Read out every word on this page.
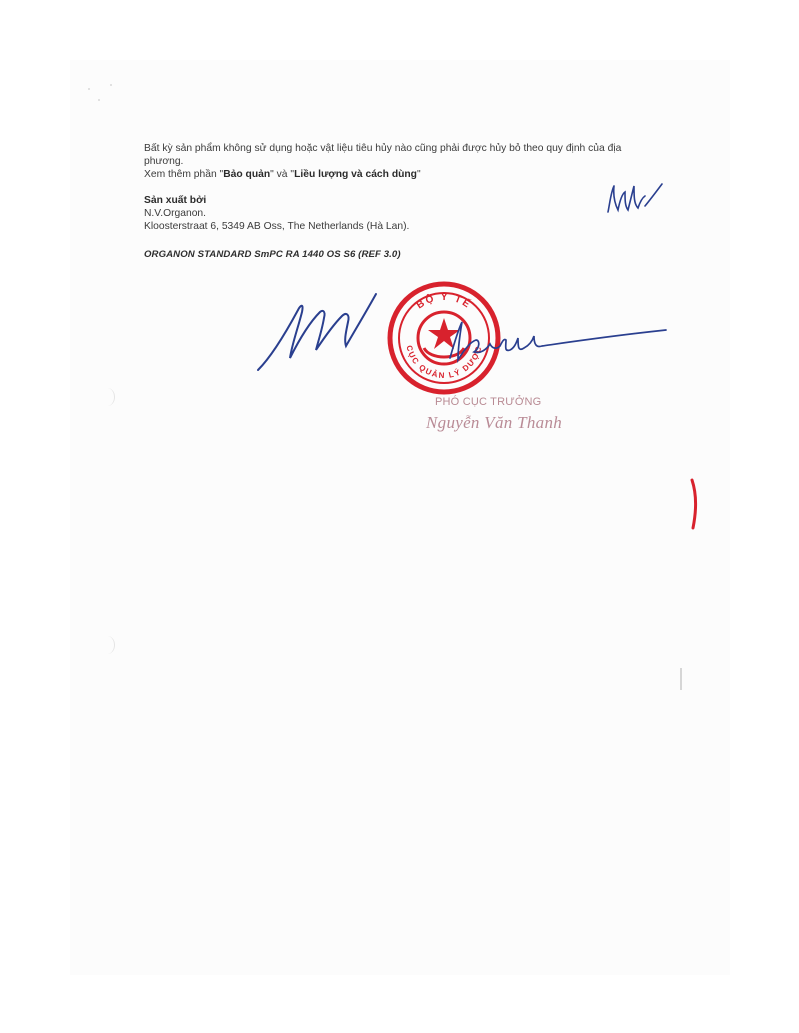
Bất kỳ sản phẩm không sử dụng hoặc vật liệu tiêu hủy nào cũng phải được hủy bỏ theo quy định của địa

phương.

Xem thêm phần "Bảo quản" và "Liều lượng và cách dùng"

Sản xuất bởi

N.V.Organon.

Kloosterstraat 6, 5349 AB Oss, The Netherlands (Hà Lan).

ORGANON STANDARD SmPC RA 1440 OS S6 (REF 3.0)

BỘ Y TẾ
CỤC QUẢN LÝ DƯỢC
PHÓ CỤC TRƯỞNG
Nguyễn Văn Thanh
